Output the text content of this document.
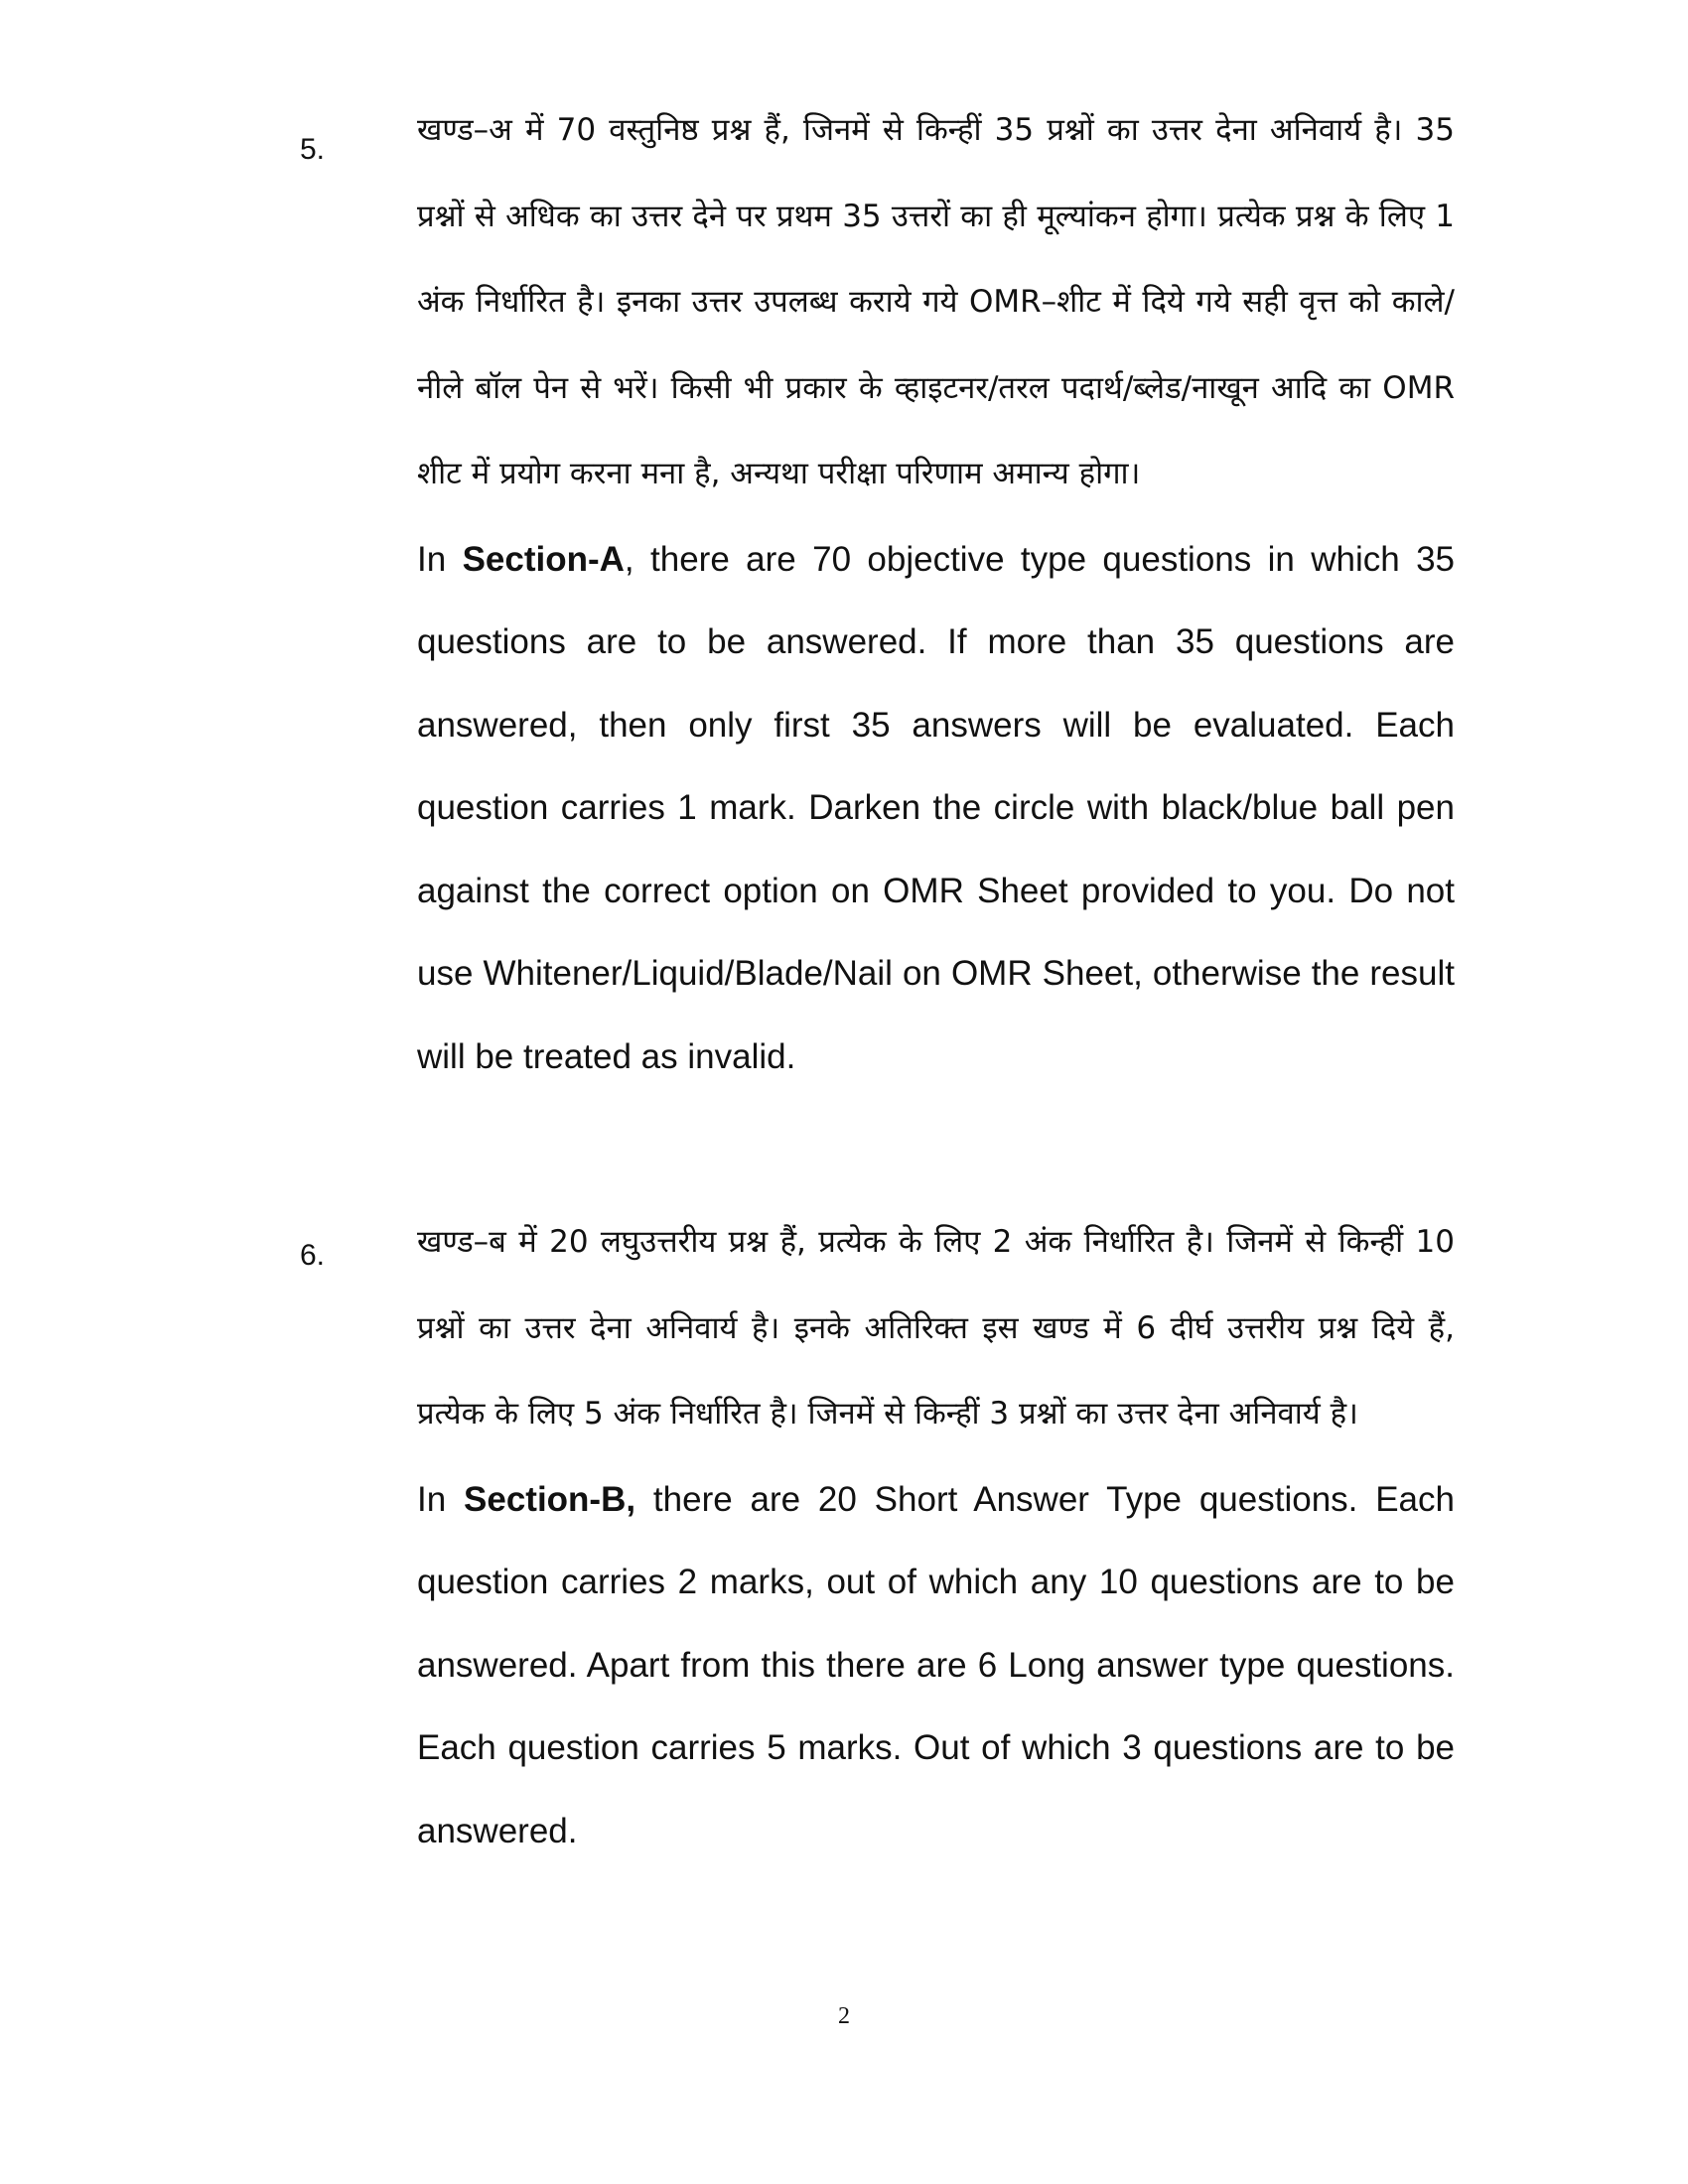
5.

खण्ड–अ में 70 वस्तुनिष्ठ प्रश्न हैं, जिनमें से किन्हीं 35 प्रश्नों का उत्तर देना अनिवार्य है। 35 प्रश्नों से अधिक का उत्तर देने पर प्रथम 35 उत्तरों का ही मूल्यांकन होगा। प्रत्येक प्रश्न के लिए 1 अंक निर्धारित है। इनका उत्तर उपलब्ध कराये गये OMR–शीट में दिये गये सही वृत्त को काले/नीले बॉल पेन से भरें। किसी भी प्रकार के व्हाइटनर/तरल पदार्थ/ब्लेड/नाखून आदि का OMR शीट में प्रयोग करना मना है, अन्यथा परीक्षा परिणाम अमान्य होगा।

In Section-A, there are 70 objective type questions in which 35 questions are to be answered. If more than 35 questions are answered, then only first 35 answers will be evaluated. Each question carries 1 mark. Darken the circle with black/blue ball pen against the correct option on OMR Sheet provided to you. Do not use Whitener/Liquid/Blade/Nail on OMR Sheet, otherwise the result will be treated as invalid.

6.	खण्ड–ब में 20 लघुउत्तरीय प्रश्न हैं, प्रत्येक के लिए 2 अंक निर्धारित है। जिनमें से किन्हीं 10 प्रश्नों का उत्तर देना अनिवार्य है। इनके अतिरिक्त इस खण्ड में 6 दीर्घ उत्तरीय प्रश्न दिये हैं, प्रत्येक के लिए 5 अंक निर्धारित है। जिनमें से किन्हीं 3 प्रश्नों का उत्तर देना अनिवार्य है।

In Section-B, there are 20 Short Answer Type questions. Each question carries 2 marks, out of which any 10 questions are to be answered. Apart from this there are 6 Long answer type questions. Each question carries 5 marks. Out of which 3 questions are to be answered.

2
